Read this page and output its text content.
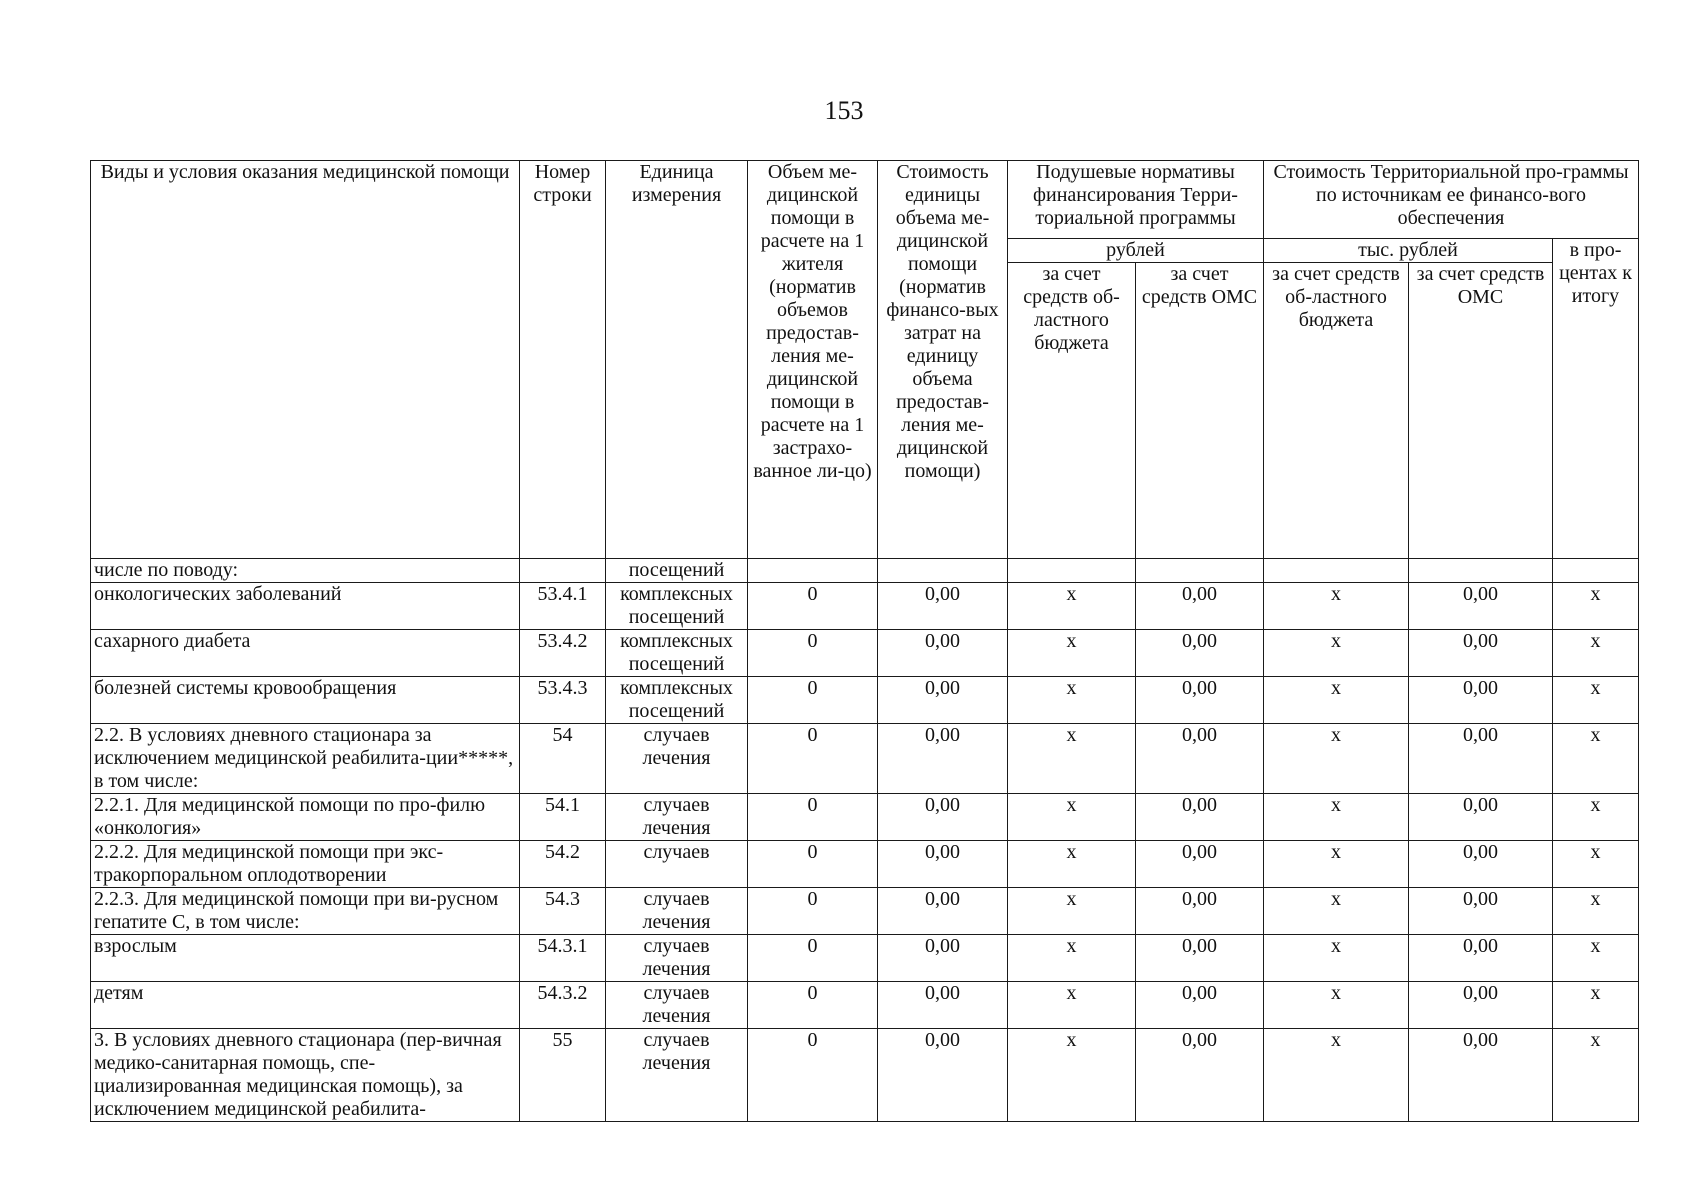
153
Виды и условия оказания медицинской помощи	Номер строки	Единица измерения	Объем ме-дицинской помощи в расчете на 1 жителя (норматив объемов предостав-ления ме-дицинской помощи в расчете на 1 застрахо-ванное ли-цо)	Стоимость единицы объема ме-дицинской помощи (норматив финансо-вых затрат на единицу объема предостав-ления ме-дицинской помощи)	Подушевые нормативы финансирования Терри-ториальной программы		Стоимость Территориальной про-граммы по источникам ее финансо-вого обеспечения		
					рублей		тыс. рублей		в про-центах к итогу
					за счет средств об-ластного бюджета	за счет средств ОМС	за счет средств об-ластного бюджета	за счет средств ОМС	
числе по поводу:		посещений							
онкологических заболеваний	53.4.1	комплексных посещений	0	0,00	х	0,00	х	0,00	х
сахарного диабета	53.4.2	комплексных посещений	0	0,00	х	0,00	х	0,00	х
болезней системы кровообращения	53.4.3	комплексных посещений	0	0,00	х	0,00	х	0,00	х
2.2. В условиях дневного стационара за исключением медицинской реабилита-ции*****, в том числе:	54	случаев лечения	0	0,00	х	0,00	х	0,00	х
2.2.1. Для медицинской помощи по про-филю «онкология»	54.1	случаев лечения	0	0,00	х	0,00	х	0,00	х
2.2.2. Для медицинской помощи при экс-тракорпоральном оплодотворении	54.2	случаев	0	0,00	х	0,00	х	0,00	х
2.2.3. Для медицинской помощи при ви-русном гепатите С, в том числе:	54.3	случаев лечения	0	0,00	х	0,00	х	0,00	х
взрослым	54.3.1	случаев лечения	0	0,00	х	0,00	х	0,00	х
детям	54.3.2	случаев лечения	0	0,00	х	0,00	х	0,00	х
3. В условиях дневного стационара (пер-вичная медико-санитарная помощь, спе-циализированная медицинская помощь), за исключением медицинской реабилита-	55	случаев лечения	0	0,00	х	0,00	х	0,00	х
